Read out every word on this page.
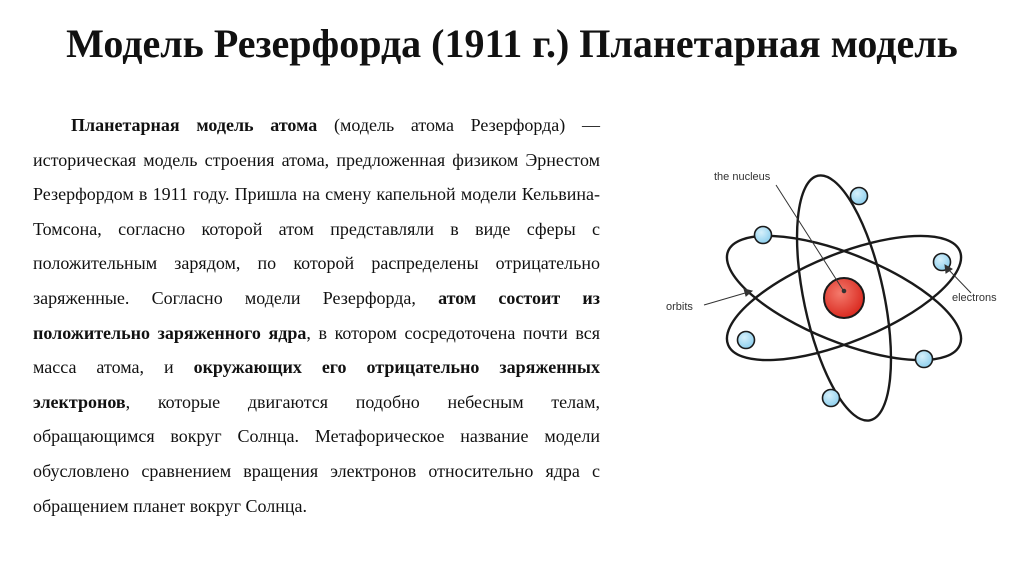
Модель Резерфорда (1911 г.) Планетарная модель
Планетарная модель атома (модель атома Резерфорда) — историческая модель строения атома, предложенная физиком Эрнестом Резерфордом в 1911 году. Пришла на смену капельной модели Кельвина-Томсона, согласно которой атом представляли в виде сферы с положительным зарядом, по которой распределены отрицательно заряженные. Согласно модели Резерфорда, атом состоит из положительно заряженного ядра, в котором сосредоточена почти вся масса атома, и окружающих его отрицательно заряженных электронов, которые двигаются подобно небесным телам, обращающимся вокруг Солнца. Метафорическое название модели обусловлено сравнением вращения электронов относительно ядра с обращением планет вокруг Солнца.
the nucleus
orbits
electrons
